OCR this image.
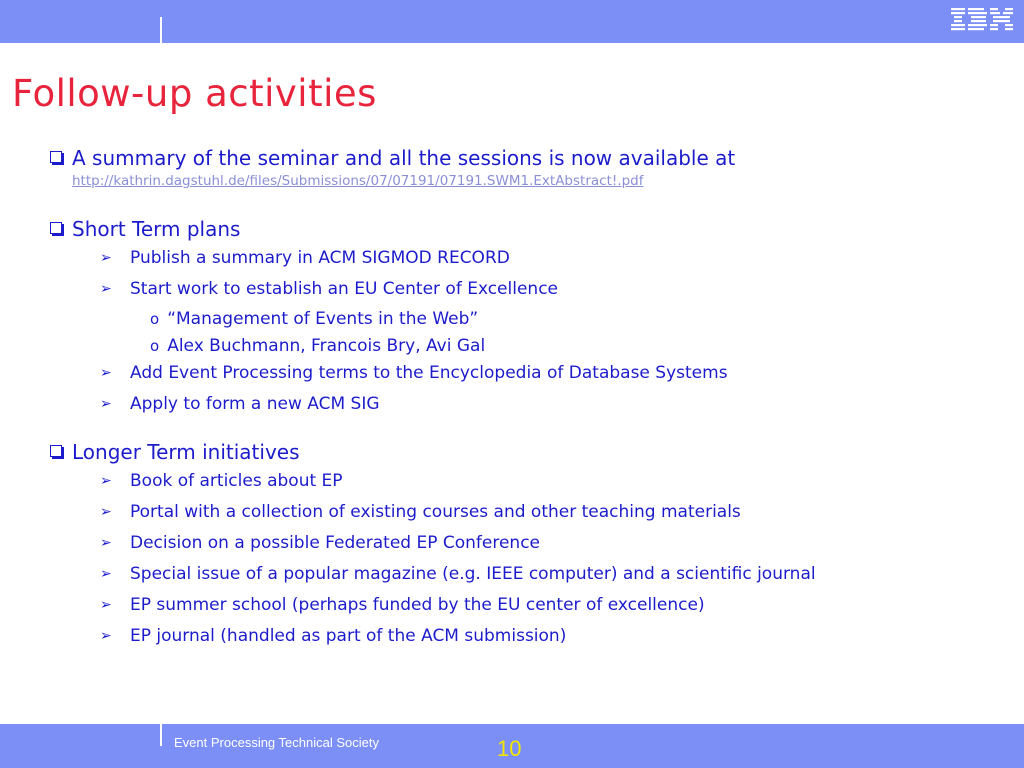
Follow-up activities
A summary of the seminar and all the sessions is now available at
http://kathrin.dagstuhl.de/files/Submissions/07/07191/07191.SWM1.ExtAbstract!.pdf
Short Term plans
➢ Publish a summary in ACM SIGMOD RECORD
➢ Start work to establish an EU Center of Excellence
o “Management of Events in the Web”
o Alex Buchmann, Francois Bry, Avi Gal
➢ Add Event Processing terms to the Encyclopedia of Database Systems
➢ Apply to form a new ACM SIG
Longer Term initiatives
➢ Book of articles about EP
➢ Portal with a collection of existing courses and other teaching materials
➢ Decision on a possible Federated EP Conference
➢ Special issue of a popular magazine (e.g. IEEE computer) and a scientific journal
➢ EP summer school (perhaps funded by the EU center of excellence)
➢ EP journal (handled as part of the ACM submission)
Event Processing Technical Society	10
